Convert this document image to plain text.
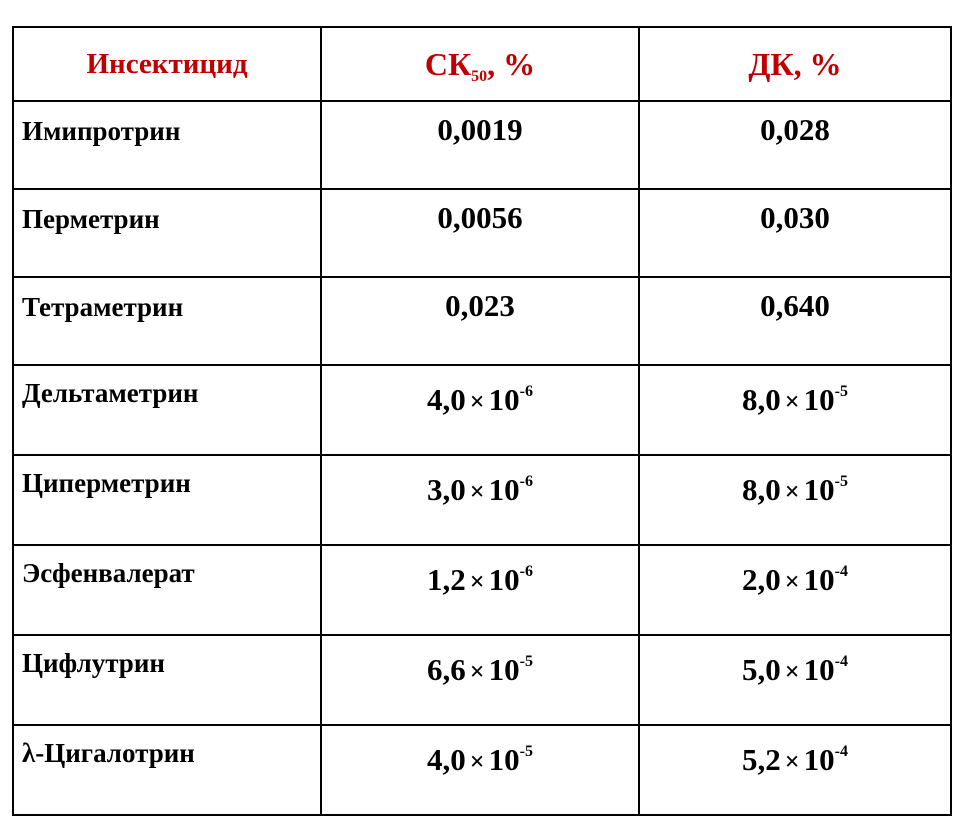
Инсектицид	$СК_{50}$, %	ДК, %
Имипротрин	0,0019	0,028
Перметрин	0,0056	0,030
Тетраметрин	0,023	0,640
Дельтаметрин	$4,0 \times 10^{-6}$	$8,0 \times 10^{-5}$
Циперметрин	$3,0 \times 10^{-6}$	$8,0 \times 10^{-5}$
Эсфенвалерат	$1,2 \times 10^{-6}$	$2,0 \times 10^{-4}$
Цифлутрин	$6,6 \times 10^{-5}$	$5,0 \times 10^{-4}$
λ-Цигалотрин	$4,0 \times 10^{-5}$	$5,2 \times 10^{-4}$
